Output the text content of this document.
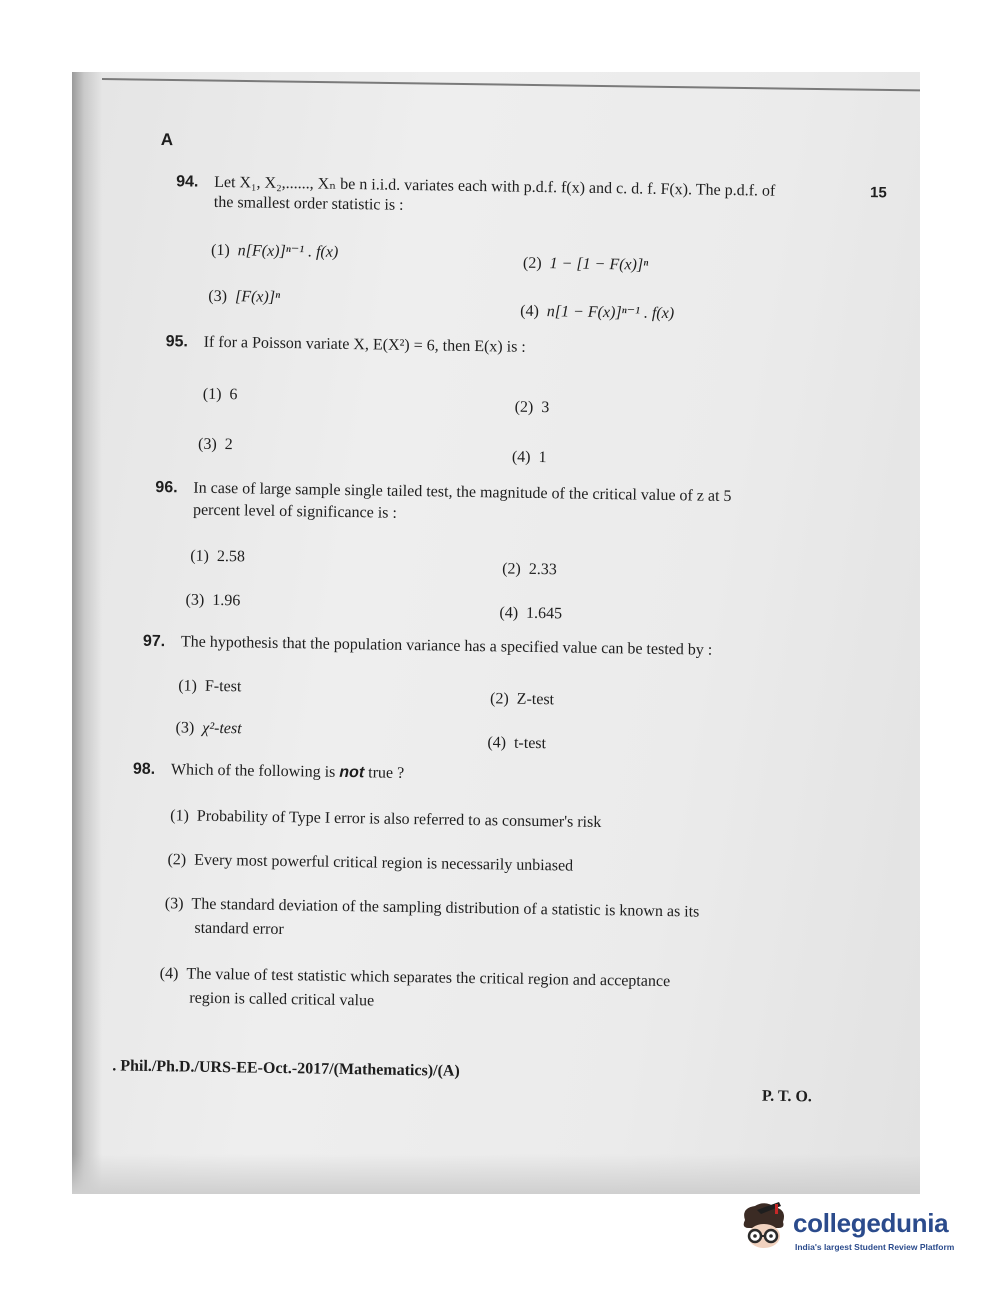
A
15
94. Let X₁, X₂,......, Xₙ be n i.i.d. variates each with p.d.f. f(x) and c. d. f. F(x). The p.d.f. of
the smallest order statistic is :
(1) n[F(x)]ⁿ⁻¹ . f(x)
(2) 1 − [1 − F(x)]ⁿ
(3) [F(x)]ⁿ
(4) n[1 − F(x)]ⁿ⁻¹ . f(x)
95. If for a Poisson variate X, E(X²) = 6, then E(x) is :
(1) 6
(2) 3
(3) 2
(4) 1
96. In case of large sample single tailed test, the magnitude of the critical value of z at 5
percent level of significance is :
(1) 2.58
(2) 2.33
(3) 1.96
(4) 1.645
97. The hypothesis that the population variance has a specified value can be tested by :
(1) F-test
(2) Z-test
(3) χ²-test
(4) t-test
98. Which of the following is not true ?
(1) Probability of Type I error is also referred to as consumer's risk
(2) Every most powerful critical region is necessarily unbiased
(3) The standard deviation of the sampling distribution of a statistic is known as its
standard error
(4) The value of test statistic which separates the critical region and acceptance
region is called critical value
. Phil./Ph.D./URS-EE-Oct.-2017/(Mathematics)/(A)
P. T. O.
collegedunia
India's largest Student Review Platform
